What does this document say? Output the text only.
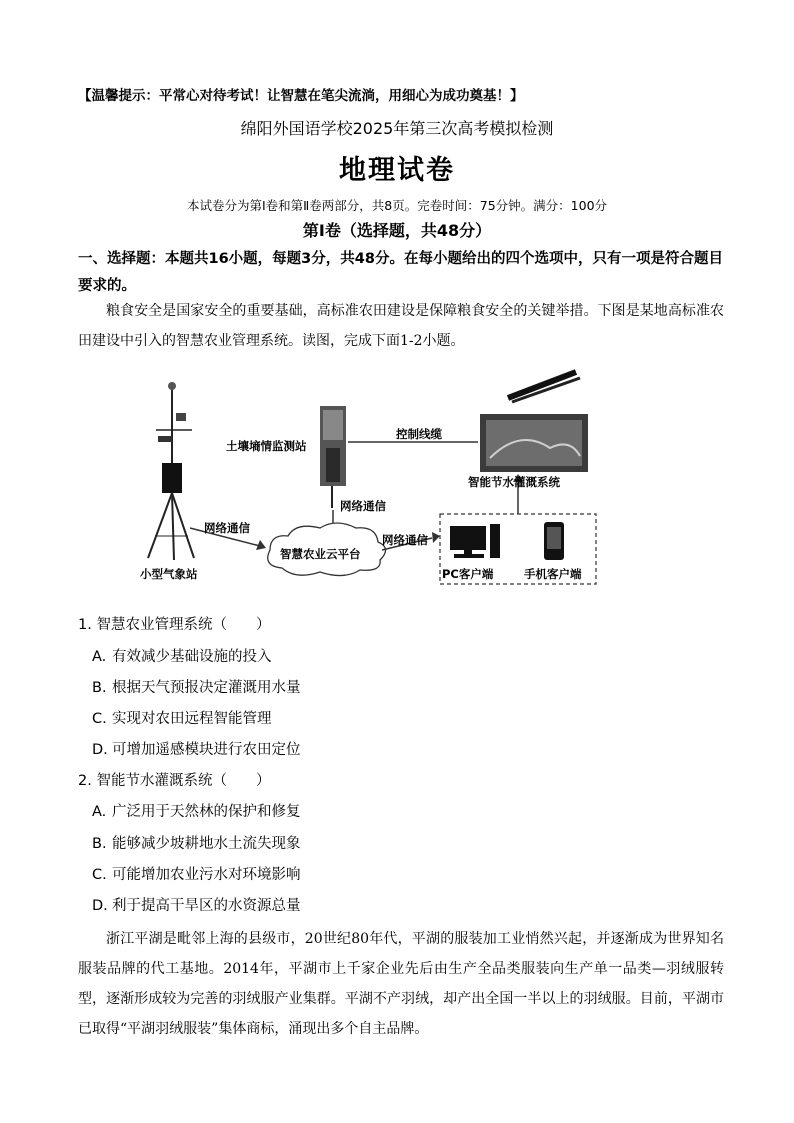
【温馨提示：平常心对待考试！让智慧在笔尖流淌，用细心为成功奠基！】
绵阳外国语学校2025年第三次高考模拟检测
地理试卷
本试卷分为第Ⅰ卷和第Ⅱ卷两部分，共8页。完卷时间：75分钟。满分：100分
第Ⅰ卷（选择题，共48分）
一、选择题：本题共16小题，每题3分，共48分。在每小题给出的四个选项中，只有一项是符合题目要求的。
粮食安全是国家安全的重要基础，高标准农田建设是保障粮食安全的关键举措。下图是某地高标准农田建设中引入的智慧农业管理系统。读图，完成下面1-2小题。
土壤墒情监测站
控制线缆
智能节水灌溉系统
网络通信
网络通信
网络通信
智慧农业云平台
小型气象站	PC客户端	手机客户端
1. 智慧农业管理系统（　　）
A. 有效减少基础设施的投入
B. 根据天气预报决定灌溉用水量
C. 实现对农田远程智能管理
D. 可增加遥感模块进行农田定位
2. 智能节水灌溉系统（　　）
A. 广泛用于天然林的保护和修复
B. 能够减少坡耕地水土流失现象
C. 可能增加农业污水对环境影响
D. 利于提高干旱区的水资源总量
浙江平湖是毗邻上海的县级市，20世纪80年代，平湖的服装加工业悄然兴起，并逐渐成为世界知名服装品牌的代工基地。2014年，平湖市上千家企业先后由生产全品类服装向生产单一品类—羽绒服转型，逐渐形成较为完善的羽绒服产业集群。平湖不产羽绒，却产出全国一半以上的羽绒服。目前，平湖市已取得“平湖羽绒服装”集体商标，涌现出多个自主品牌。
